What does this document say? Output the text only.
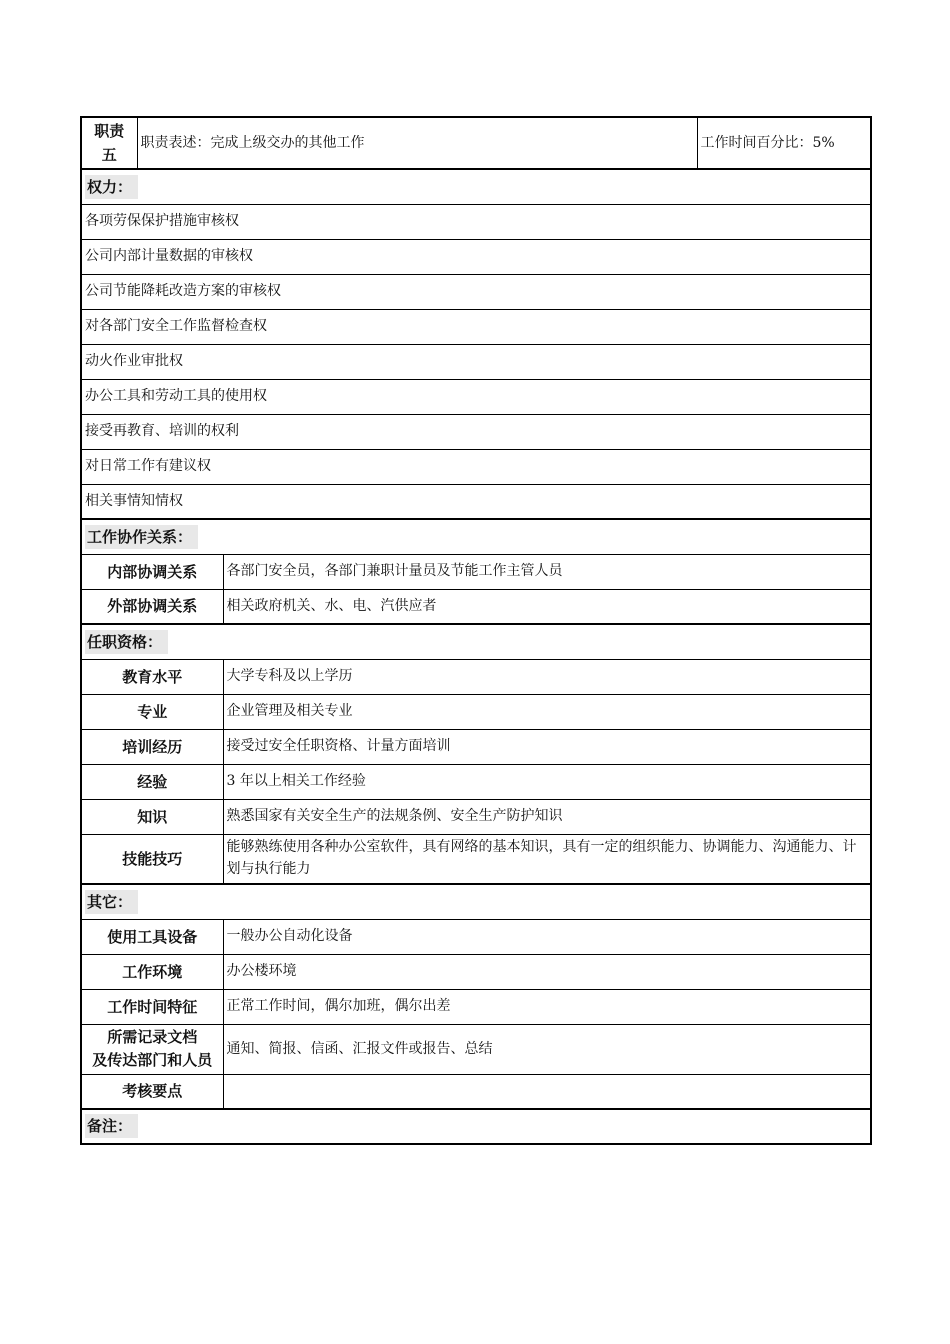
职责
五	职责表述：完成上级交办的其他工作		工作时间百分比：5%
权力：			
各项劳保保护措施审核权			
公司内部计量数据的审核权			
公司节能降耗改造方案的审核权			
对各部门安全工作监督检查权			
动火作业审批权			
办公工具和劳动工具的使用权			
接受再教育、培训的权利			
对日常工作有建议权			
相关事情知情权			
工作协作关系：			
内部协调关系		各部门安全员，各部门兼职计量员及节能工作主管人员	
外部协调关系		相关政府机关、水、电、汽供应者	
任职资格：			
教育水平		大学专科及以上学历	
专业		企业管理及相关专业	
培训经历		接受过安全任职资格、计量方面培训	
经验		3 年以上相关工作经验	
知识		熟悉国家有关安全生产的法规条例、安全生产防护知识	
技能技巧		能够熟练使用各种办公室软件，具有网络的基本知识，具有一定的组织能力、协调能力、沟通能力、计划与执行能力	
其它：			
使用工具设备		一般办公自动化设备	
工作环境		办公楼环境	
工作时间特征		正常工作时间，偶尔加班，偶尔出差	

所需记录文档
及传达部门和人员		通知、简报、信函、汇报文件或报告、总结	
考核要点			
备注：			
